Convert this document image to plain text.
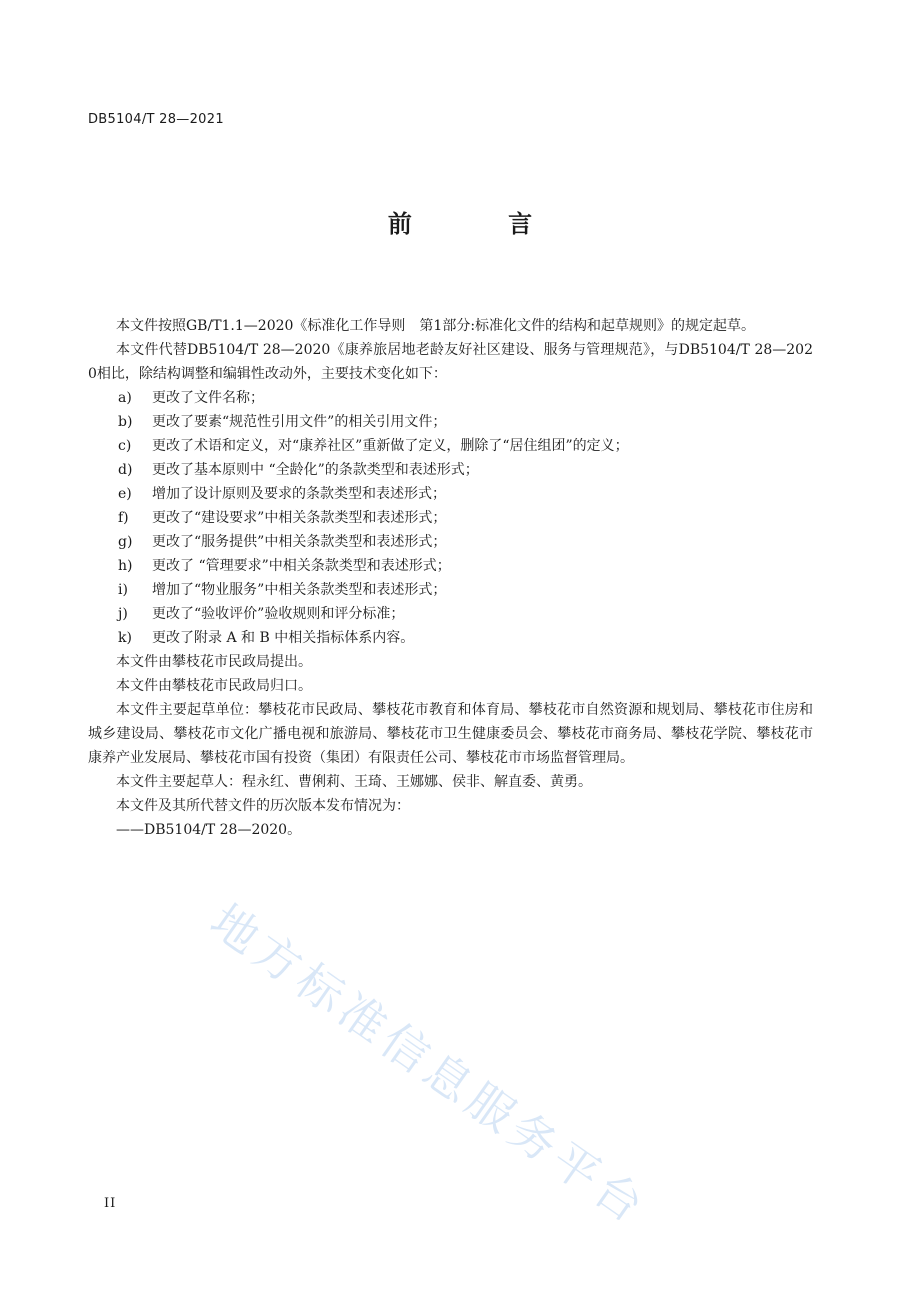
DB5104/T 28—2021
前 言

本文件按照GB/T1.1—2020《标准化工作导则　第1部分:标准化文件的结构和起草规则》的规定起草。

本文件代替DB5104/T 28—2020《康养旅居地老龄友好社区建设、服务与管理规范》，与DB5104/T 28—2020相比，除结构调整和编辑性改动外，主要技术变化如下：

a)	更改了文件名称；
b)	更改了要素“规范性引用文件”的相关引用文件；
c)	更改了术语和定义，对“康养社区”重新做了定义，删除了“居住组团”的定义；
d)	更改了基本原则中 “全龄化”的条款类型和表述形式；
e)	增加了设计原则及要求的条款类型和表述形式；
f)	更改了“建设要求”中相关条款类型和表述形式；
g)	更改了“服务提供”中相关条款类型和表述形式；
h)	更改了 “管理要求”中相关条款类型和表述形式；
i)	增加了“物业服务”中相关条款类型和表述形式；
j)	更改了“验收评价”验收规则和评分标准；
k)	更改了附录 A 和 B 中相关指标体系内容。

本文件由攀枝花市民政局提出。

本文件由攀枝花市民政局归口。

本文件主要起草单位：攀枝花市民政局、攀枝花市教育和体育局、攀枝花市自然资源和规划局、攀枝花市住房和城乡建设局、攀枝花市文化广播电视和旅游局、攀枝花市卫生健康委员会、攀枝花市商务局、攀枝花学院、攀枝花市康养产业发展局、攀枝花市国有投资（集团）有限责任公司、攀枝花市市场监督管理局。

本文件主要起草人：程永红、曹俐莉、王琦、王娜娜、侯非、解直委、黄勇。

本文件及其所代替文件的历次版本发布情况为：

——DB5104/T 28—2020。

地方标准信息服务平台
II
